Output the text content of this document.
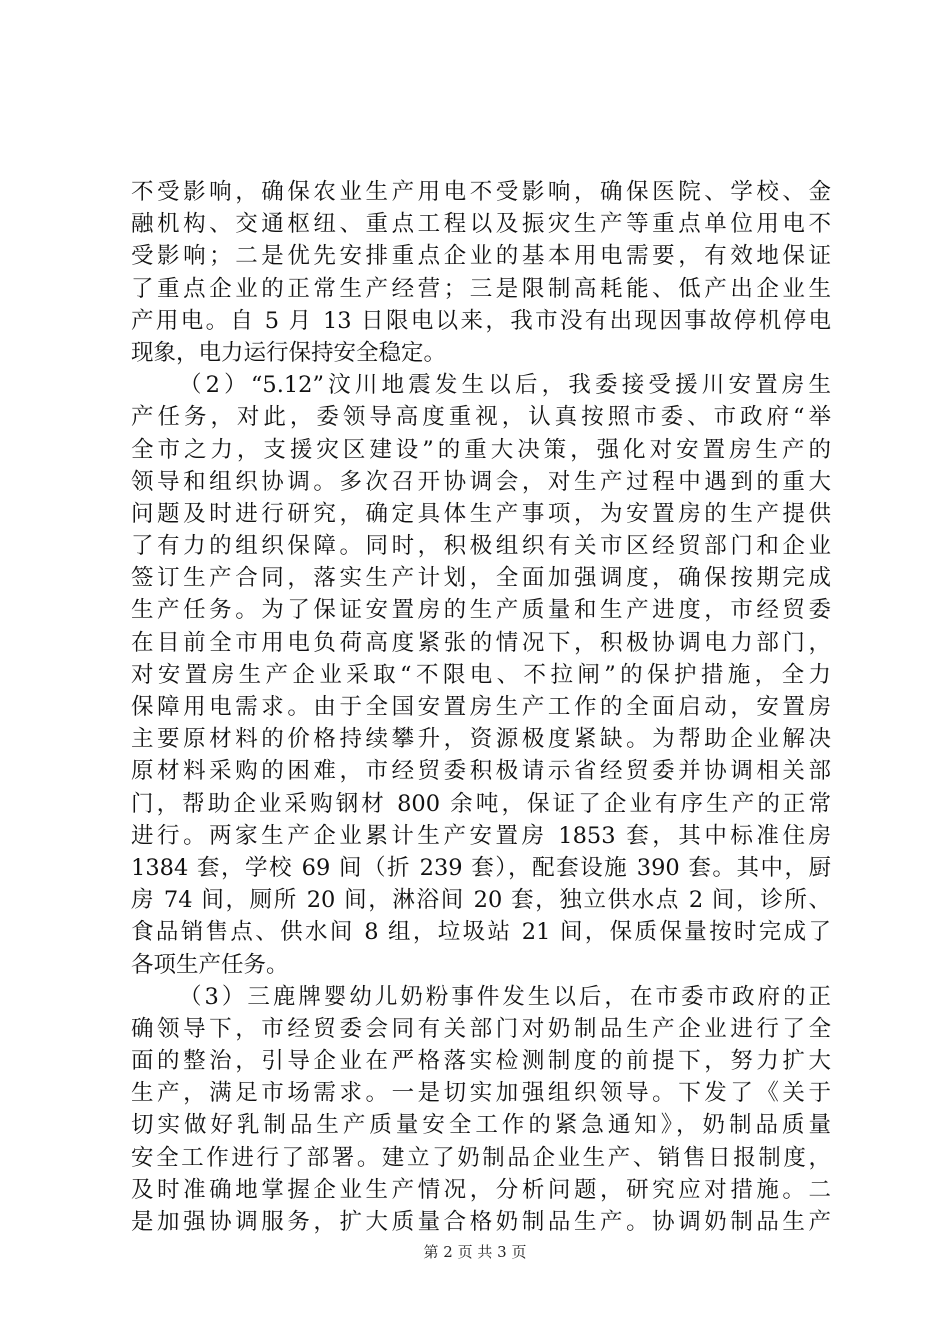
不受影响，确保农业生产用电不受影响，确保医院、学校、金
融机构、交通枢纽、重点工程以及振灾生产等重点单位用电不
受影响；二是优先安排重点企业的基本用电需要，有效地保证
了重点企业的正常生产经营；三是限制高耗能、低产出企业生
产用电。自 5 月 13 日限电以来，我市没有出现因事故停机停电
现象，电力运行保持安全稳定。
（2）“5.12”汶川地震发生以后，我委接受援川安置房生
产任务，对此，委领导高度重视，认真按照市委、市政府“举
全市之力，支援灾区建设”的重大决策，强化对安置房生产的
领导和组织协调。多次召开协调会，对生产过程中遇到的重大
问题及时进行研究，确定具体生产事项，为安置房的生产提供
了有力的组织保障。同时，积极组织有关市区经贸部门和企业
签订生产合同，落实生产计划，全面加强调度，确保按期完成
生产任务。为了保证安置房的生产质量和生产进度，市经贸委
在目前全市用电负荷高度紧张的情况下，积极协调电力部门，
对安置房生产企业采取“不限电、不拉闸”的保护措施，全力
保障用电需求。由于全国安置房生产工作的全面启动，安置房
主要原材料的价格持续攀升，资源极度紧缺。为帮助企业解决
原材料采购的困难，市经贸委积极请示省经贸委并协调相关部
门，帮助企业采购钢材 800 余吨，保证了企业有序生产的正常
进行。两家生产企业累计生产安置房 1853 套，其中标准住房
1384 套，学校 69 间（折 239 套），配套设施 390 套。其中，厨
房 74 间，厕所 20 间，淋浴间 20 套，独立供水点 2 间，诊所、
食品销售点、供水间 8 组，垃圾站 21 间，保质保量按时完成了
各项生产任务。
（3）三鹿牌婴幼儿奶粉事件发生以后，在市委市政府的正
确领导下，市经贸委会同有关部门对奶制品生产企业进行了全
面的整治，引导企业在严格落实检测制度的前提下，努力扩大
生产，满足市场需求。一是切实加强组织领导。下发了《关于
切实做好乳制品生产质量安全工作的紧急通知》，奶制品质量
安全工作进行了部署。建立了奶制品企业生产、销售日报制度，
及时准确地掌握企业生产情况，分析问题，研究应对措施。二
是加强协调服务，扩大质量合格奶制品生产。协调奶制品生产
第 2 页 共 3 页
